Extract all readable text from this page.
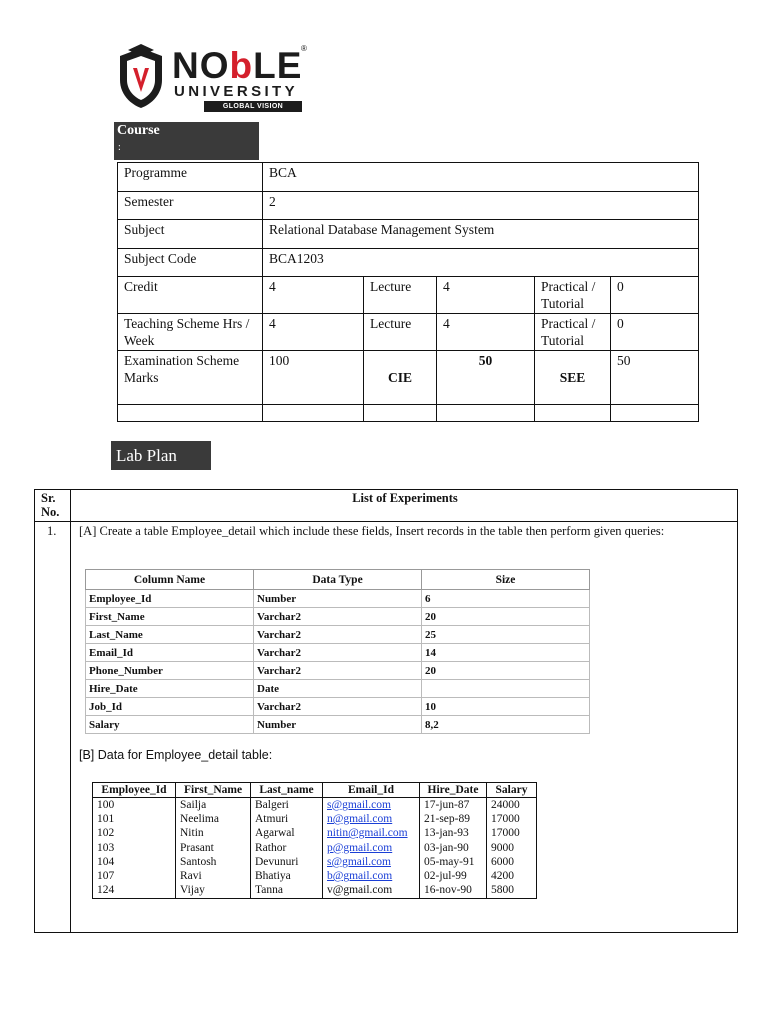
NObLE
®
UNIVERSITY
GLOBAL VISION
Course
:
Programme	BCA				
Semester	2				
Subject	Relational Database Management System				
Subject Code	BCA1203				
Credit	4	Lecture	4	Practical / Tutorial	0
Teaching Scheme Hrs / Week	4	Lecture	4	Practical / Tutorial	0
Examination Scheme Marks	100	CIE	50	SEE	50

Lab Plan
Sr. No.
List of Experiments
1. [A] Create a table Employee_detail which include these fields, Insert records in the table then perform given queries:
Column Name	Data Type	Size
Employee_Id	Number	6
First_Name	Varchar2	20
Last_Name	Varchar2	25
Email_Id	Varchar2	14
Phone_Number	Varchar2	20
Hire_Date	Date	
Job_Id	Varchar2	10
Salary	Number	8,2
[B] Data for Employee_detail table:
Employee_Id	First_Name	Last_name	Email_Id	Hire_Date	Salary
100	Sailja	Balgeri	s@gmail.com	17-jun-87	24000
101	Neelima	Atmuri	n@gmail.com	21-sep-89	17000
102	Nitin	Agarwal	nitin@gmail.com	13-jan-93	17000
103	Prasant	Rathor	p@gmail.com	03-jan-90	9000
104	Santosh	Devunuri	s@gmail.com	05-may-91	6000
107	Ravi	Bhatiya	b@gmail.com	02-jul-99	4200
124	Vijay	Tanna	v@gmail.com	16-nov-90	5800
